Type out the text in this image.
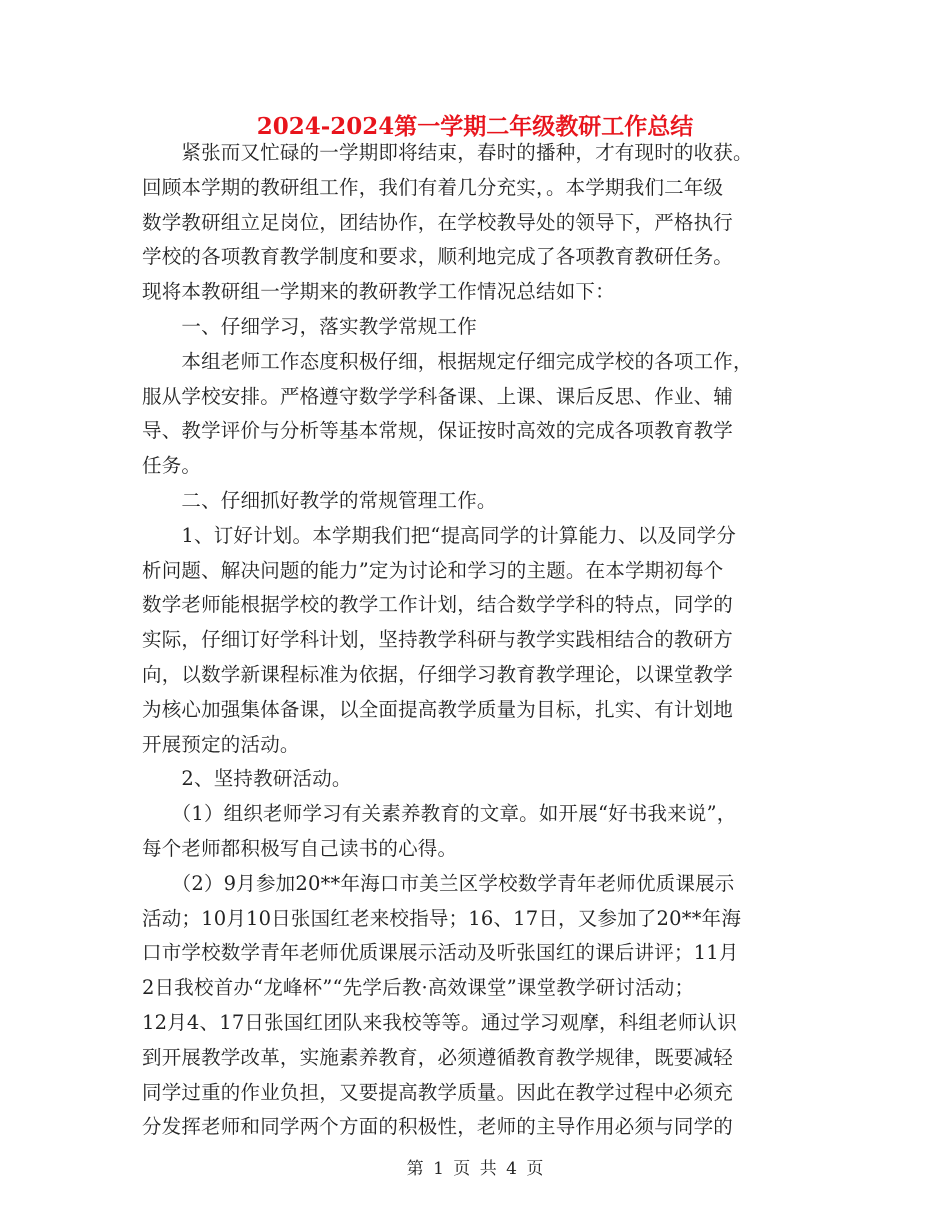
2024-2024第一学期二年级教研工作总结
　　紧张而又忙碌的一学期即将结束，春时的播种，才有现时的收获。
回顾本学期的教研组工作，我们有着几分充实，。本学期我们二年级
数学教研组立足岗位，团结协作，在学校教导处的领导下，严格执行
学校的各项教育教学制度和要求，顺利地完成了各项教育教研任务。
现将本教研组一学期来的教研教学工作情况总结如下：
　　一、仔细学习，落实教学常规工作
　　本组老师工作态度积极仔细，根据规定仔细完成学校的各项工作，
服从学校安排。严格遵守数学学科备课、上课、课后反思、作业、辅
导、教学评价与分析等基本常规，保证按时高效的完成各项教育教学
任务。
　　二、仔细抓好教学的常规管理工作。
　　1、订好计划。本学期我们把“提高同学的计算能力、以及同学分
析问题、解决问题的能力”定为讨论和学习的主题。在本学期初每个
数学老师能根据学校的教学工作计划，结合数学学科的特点，同学的
实际，仔细订好学科计划，坚持教学科研与教学实践相结合的教研方
向，以数学新课程标准为依据，仔细学习教育教学理论，以课堂教学
为核心加强集体备课，以全面提高教学质量为目标，扎实、有计划地
开展预定的活动。
　　2、坚持教研活动。
　　（1）组织老师学习有关素养教育的文章。如开展“好书我来说”，
每个老师都积极写自己读书的心得。
　　（2）9月参加20**年海口市美兰区学校数学青年老师优质课展示
活动；10月10日张国红老来校指导；16、17日，又参加了20**年海
口市学校数学青年老师优质课展示活动及听张国红的课后讲评；11月
2日我校首办“龙峰杯”“先学后教·高效课堂”课堂教学研讨活动；
12月4、17日张国红团队来我校等等。通过学习观摩，科组老师认识
到开展教学改革，实施素养教育，必须遵循教育教学规律，既要减轻
同学过重的作业负担，又要提高教学质量。因此在教学过程中必须充
分发挥老师和同学两个方面的积极性，老师的主导作用必须与同学的
第 1 页 共 4 页
